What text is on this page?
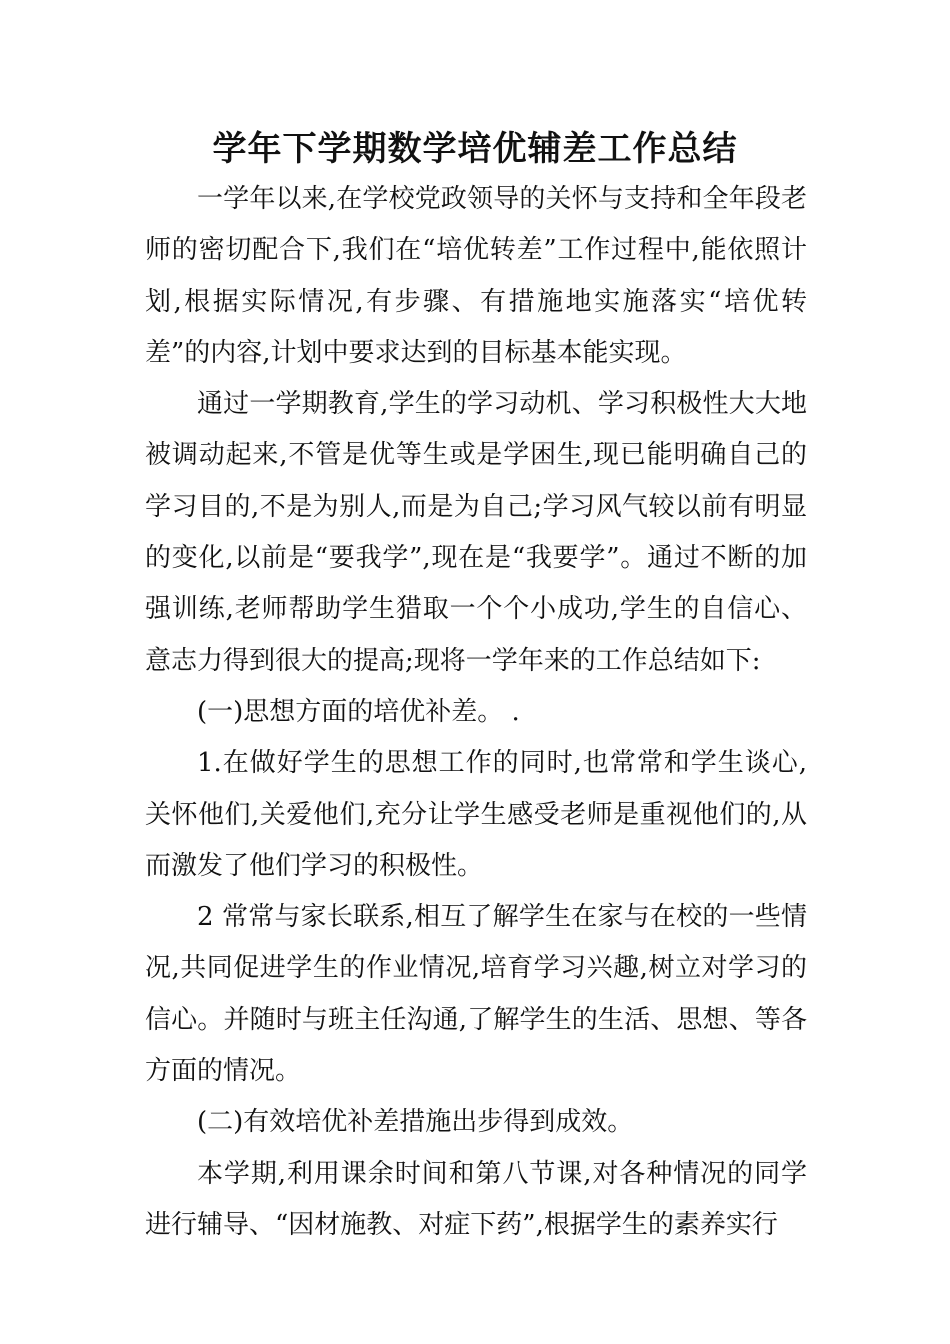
学年下学期数学培优辅差工作总结

一学年以来,在学校党政领导的关怀与支持和全年段老师的密切配合下,我们在“培优转差”工作过程中,能依照计划,根据实际情况,有步骤、有措施地实施落实“培优转差”的内容,计划中要求达到的目标基本能实现。

通过一学期教育,学生的学习动机、学习积极性大大地被调动起来,不管是优等生或是学困生,现已能明确自己的学习目的,不是为别人,而是为自己;学习风气较以前有明显的变化,以前是“要我学”,现在是“我要学”。通过不断的加强训练,老师帮助学生猎取一个个小成功,学生的自信心、意志力得到很大的提高;现将一学年来的工作总结如下:

(一)思想方面的培优补差。 .

1.在做好学生的思想工作的同时,也常常和学生谈心,关怀他们,关爱他们,充分让学生感受老师是重视他们的,从而激发了他们学习的积极性。

2 常常与家长联系,相互了解学生在家与在校的一些情况,共同促进学生的作业情况,培育学习兴趣,树立对学习的信心。并随时与班主任沟通,了解学生的生活、思想、等各方面的情况。

(二)有效培优补差措施出步得到成效。

本学期,利用课余时间和第八节课,对各种情况的同学进行辅导、“因材施教、对症下药”,根据学生的素养实行
